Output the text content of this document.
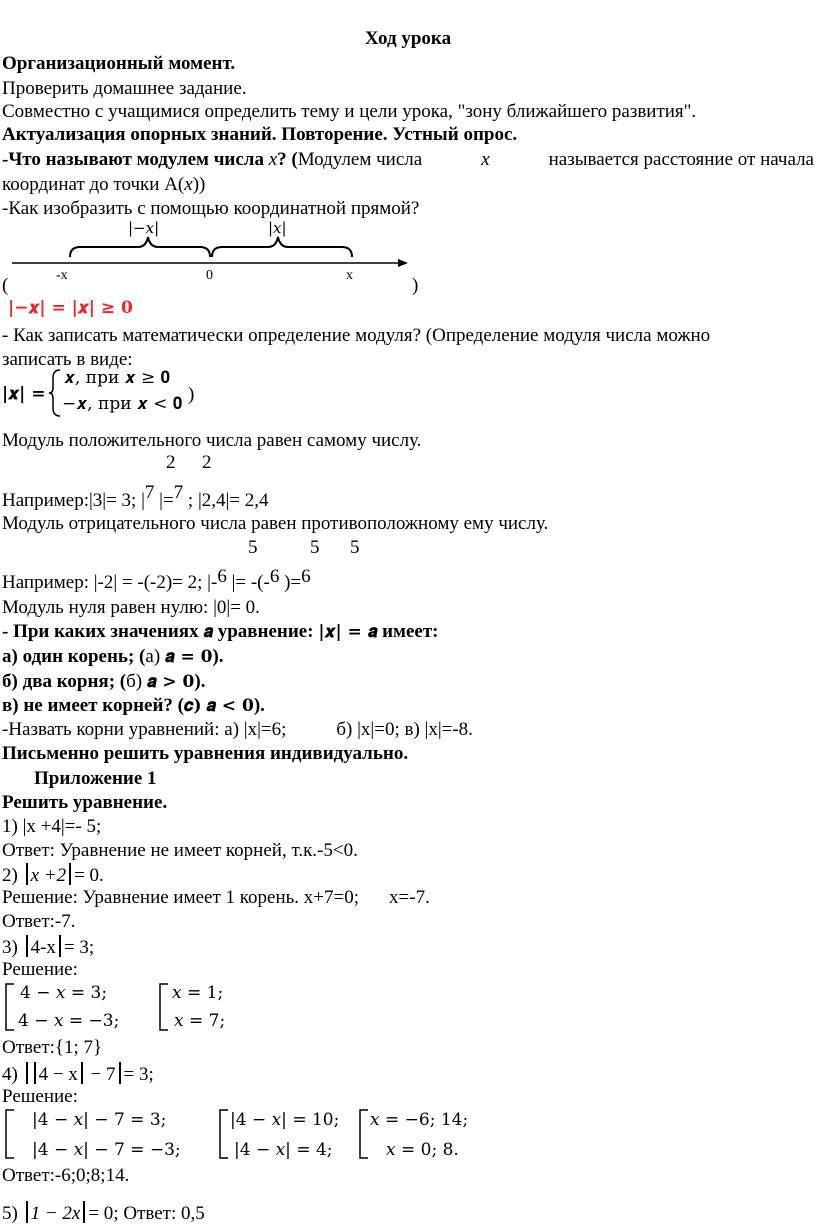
Ход урока
Организационный момент.
Проверить домашнее задание.
Совместно с учащимися определить тему и цели урока, "зону ближайшего развития".
Актуализация опорных знаний. Повторение. Устный опрос.
-Что называют модулем числа x? (Модулем числа	x	называется расстояние от начала
координат до точки А(x))
-Как изобразить с помощью координатной прямой?
|−x|	|x|
-x	0	x
(	)
|−𝒙| = |𝒙| ≥ 𝟎
- Как записать математически определение модуля? (Определение модуля числа можно
записать в виде:
|𝒙| =
𝒙, при 𝒙 ≥ 𝟎
−𝒙, при 𝒙 < 𝟎 )
Модуль положительного числа равен самому числу.
2 2
Например:|3|= 3; |7 |=7 ; |2,4|= 2,4
Модуль отрицательного числа равен противоположному ему числу.
5	5 5
Например: |-2| = -(-2)= 2; |-6 |= -(-6 )=6
Модуль нуля равен нулю: |0|= 0.
- При каких значениях 𝒂 уравнение: |𝒙| = 𝒂 имеет:
а) один корень; (а) 𝒂 = 𝟎).
б) два корня; (б) 𝒂 > 𝟎).
в) не имеет корней? (𝒄) 𝒂 < 𝟎).
-Назвать корни уравнений: а) |x|=6;	б) |x|=0; в) |x|=-8.
Письменно решить уравнения индивидуально.
Приложение 1
Решить уравнение.
1) |x +4|=- 5;
Ответ: Уравнение не имеет корней, т.к.-5<0.
2) x +2 = 0.
Решение: Уравнение имеет 1 корень. x+7=0; x=-7.
Ответ:-7.
3) 4-x = 3;
Решение:
4 − 𝑥 = 3;
4 − 𝑥 = −3;
𝑥 = 1;
𝑥 = 7;
Ответ:{1; 7}
4) 4 − x − 7 = 3;
Решение:
|4 − 𝑥| − 7 = 3;
|4 − 𝑥| − 7 = −3;
|4 − 𝑥| = 10;
|4 − 𝑥| = 4;
𝑥 = −6; 14;
𝑥 = 0; 8.
Ответ:-6;0;8;14.
5) 1 − 2x = 0; Ответ: 0,5
